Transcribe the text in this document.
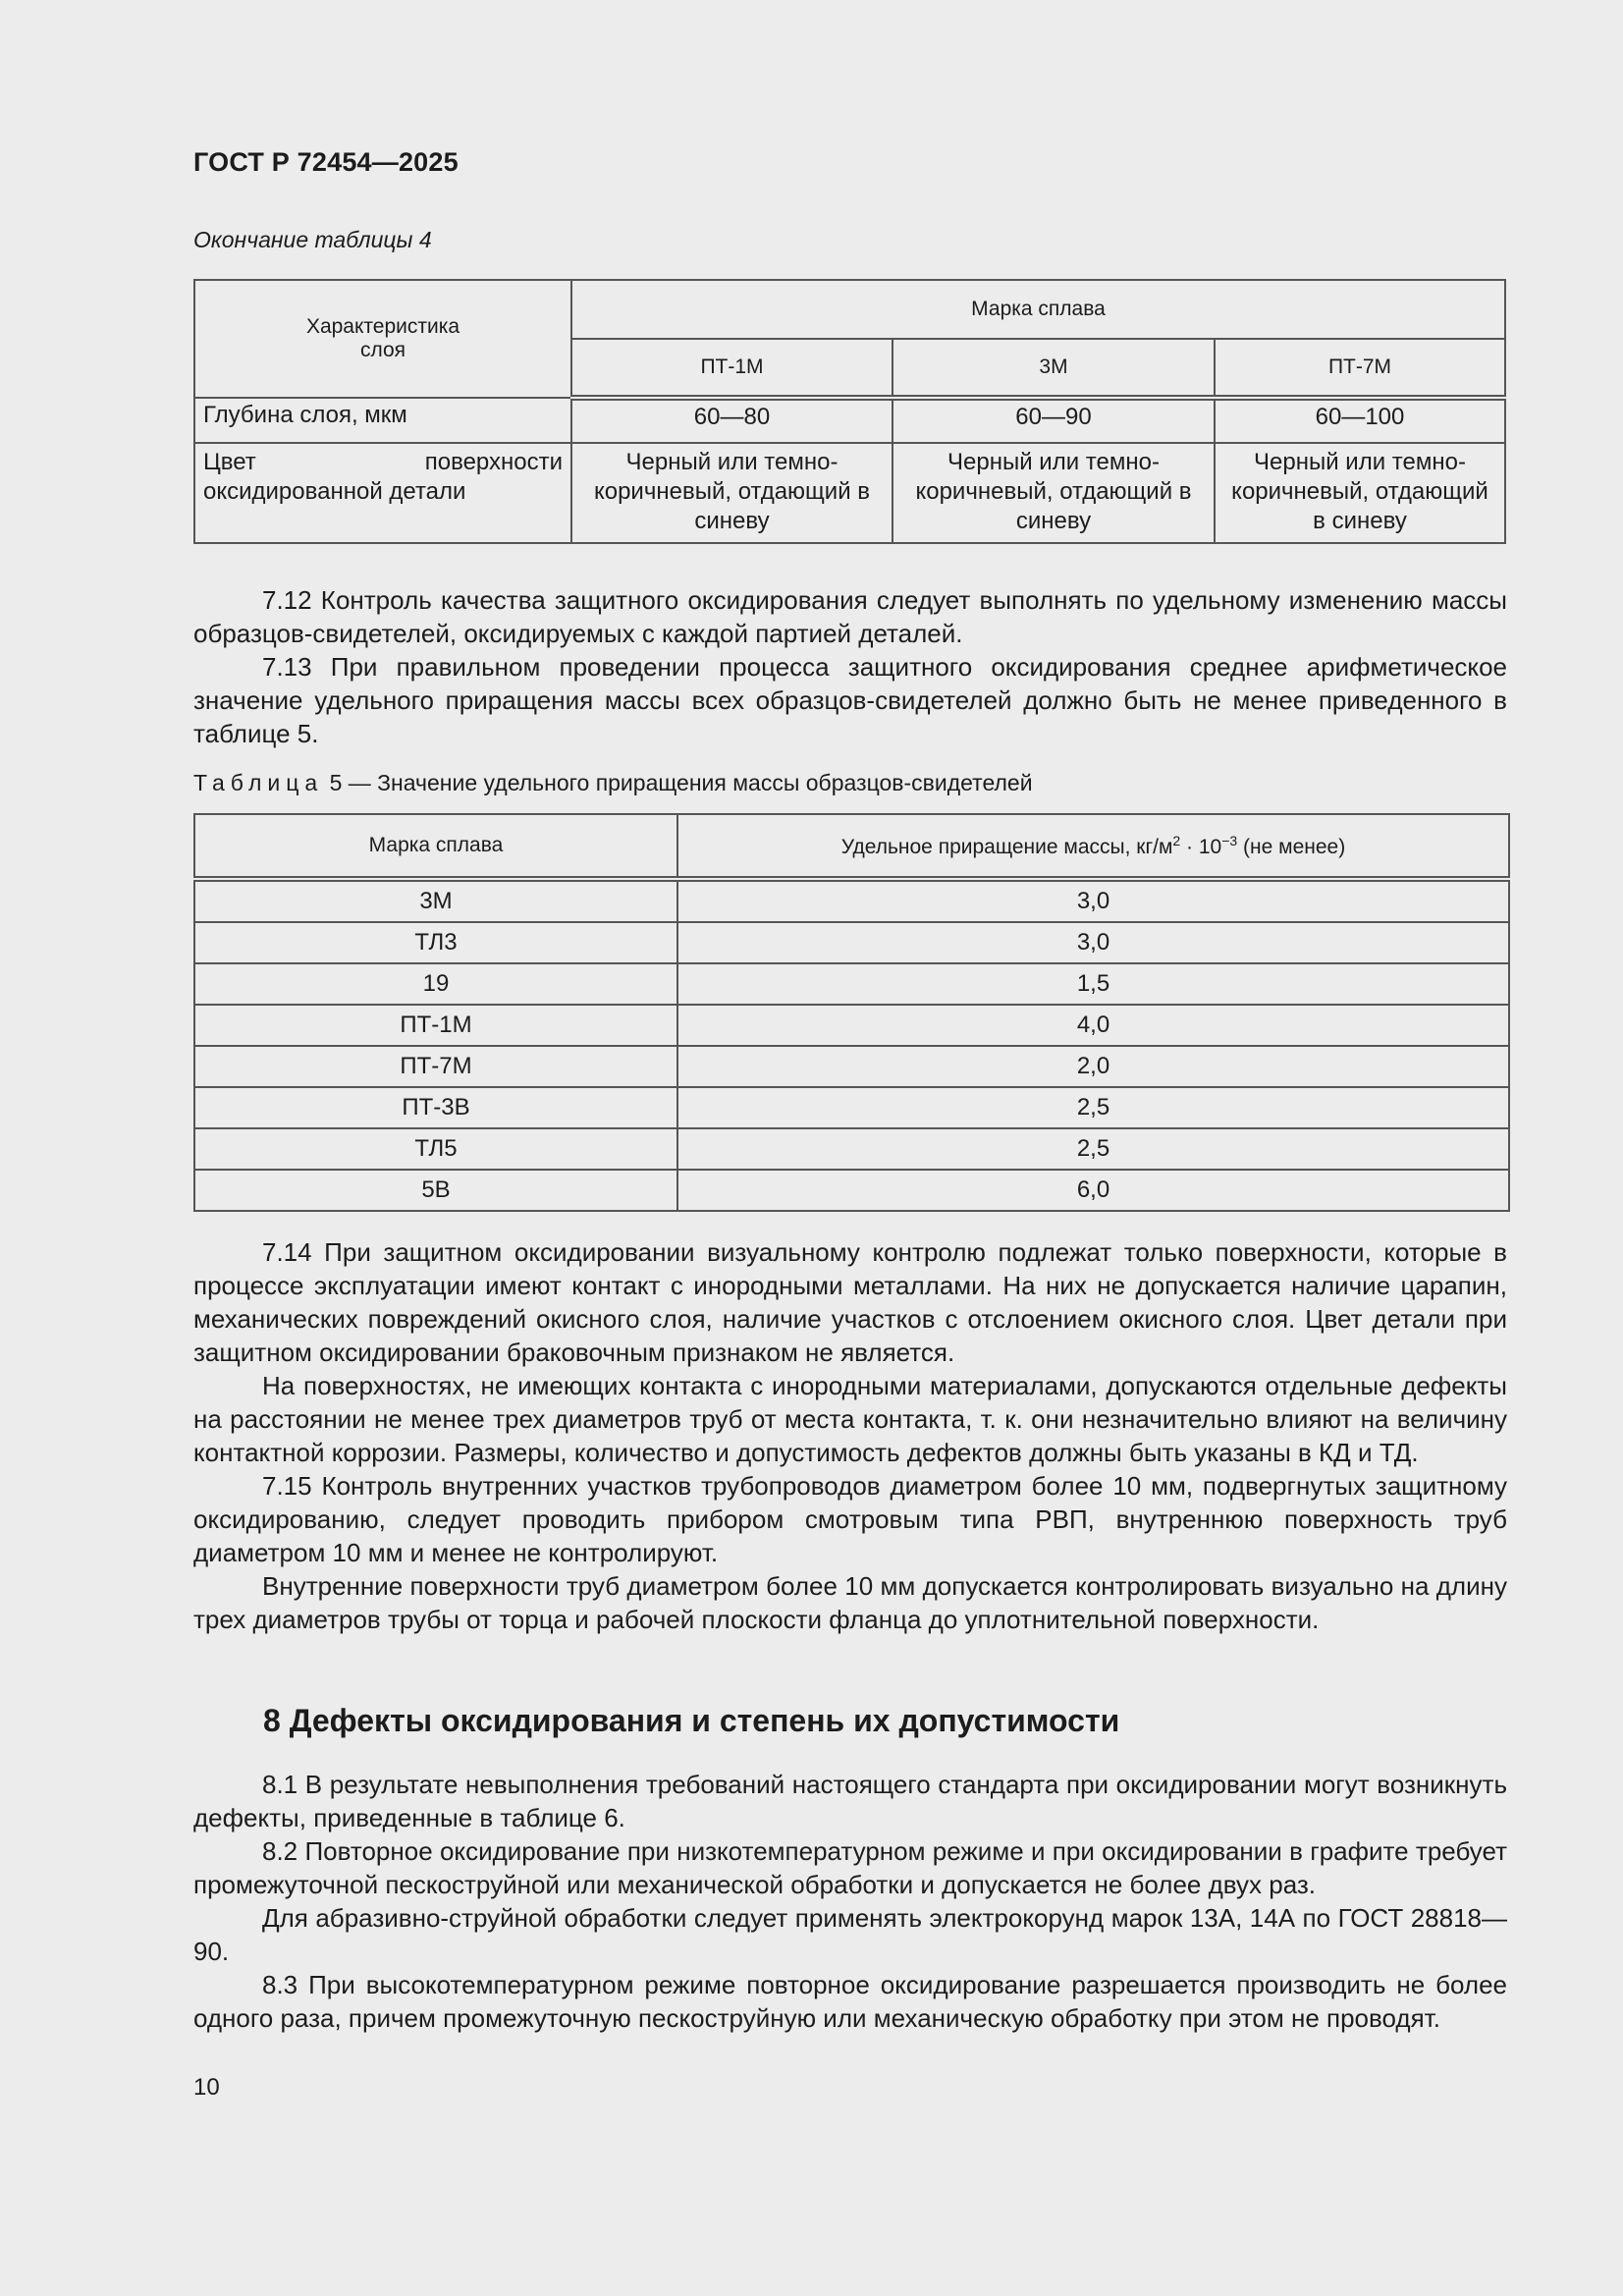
ГОСТ Р 72454—2025
Окончание таблицы 4
Характеристика слоя	Марка сплава		
	ПТ-1М	3М	ПТ-7М
Глубина слоя, мкм	60—80	60—90	60—100

Цвет поверхности
оксидированной детали	Черный или темно-коричневый, отдающий в синеву	Черный или темно-коричневый, отдающий в синеву	Черный или темно-коричневый, отдающий в синеву

7.12 Контроль качества защитного оксидирования следует выполнять по удельному изменению массы образцов-свидетелей, оксидируемых с каждой партией деталей.

7.13 При правильном проведении процесса защитного оксидирования среднее арифметическое значение удельного приращения массы всех образцов-свидетелей должно быть не менее приведенного в таблице 5.

Таблица 5 — Значение удельного приращения массы образцов-свидетелей
Марка сплава	Удельное приращение массы, $кг/м^2 \cdot 10^{-3}$ (не менее)
3М	3,0
ТЛ3	3,0
19	1,5
ПТ-1М	4,0
ПТ-7М	2,0
ПТ-3В	2,5
ТЛ5	2,5
5В	6,0

7.14 При защитном оксидировании визуальному контролю подлежат только поверхности, которые в процессе эксплуатации имеют контакт с инородными металлами. На них не допускается наличие царапин, механических повреждений окисного слоя, наличие участков с отслоением окисного слоя. Цвет детали при защитном оксидировании браковочным признаком не является.

На поверхностях, не имеющих контакта с инородными материалами, допускаются отдельные дефекты на расстоянии не менее трех диаметров труб от места контакта, т. к. они незначительно влияют на величину контактной коррозии. Размеры, количество и допустимость дефектов должны быть указаны в КД и ТД.

7.15 Контроль внутренних участков трубопроводов диаметром более 10 мм, подвергнутых защитному оксидированию, следует проводить прибором смотровым типа РВП, внутреннюю поверхность труб диаметром 10 мм и менее не контролируют.

Внутренние поверхности труб диаметром более 10 мм допускается контролировать визуально на длину трех диаметров трубы от торца и рабочей плоскости фланца до уплотнительной поверхности.

8 Дефекты оксидирования и степень их допустимости

8.1 В результате невыполнения требований настоящего стандарта при оксидировании могут возникнуть дефекты, приведенные в таблице 6.

8.2 Повторное оксидирование при низкотемпературном режиме и при оксидировании в графите требует промежуточной пескоструйной или механической обработки и допускается не более двух раз.

Для абразивно-струйной обработки следует применять электрокорунд марок 13А, 14А по ГОСТ 28818—90.

8.3 При высокотемпературном режиме повторное оксидирование разрешается производить не более одного раза, причем промежуточную пескоструйную или механическую обработку при этом не проводят.

10
